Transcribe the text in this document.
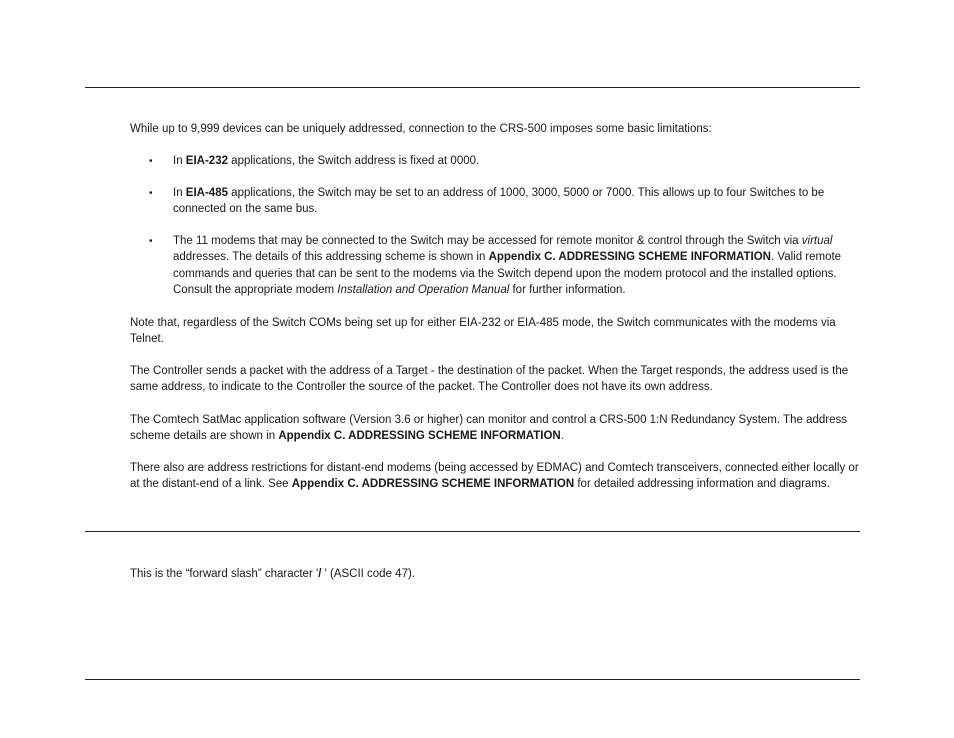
While up to 9,999 devices can be uniquely addressed, connection to the CRS-500 imposes some basic limitations:

• In EIA-232 applications, the Switch address is fixed at 0000.

• In EIA-485 applications, the Switch may be set to an address of 1000, 3000, 5000 or 7000. This allows up to four Switches to be connected on the same bus.

• The 11 modems that may be connected to the Switch may be accessed for remote monitor & control through the Switch via virtual addresses. The details of this addressing scheme is shown in Appendix C. ADDRESSING SCHEME INFORMATION. Valid remote commands and queries that can be sent to the modems via the Switch depend upon the modem protocol and the installed options. Consult the appropriate modem Installation and Operation Manual for further information.

Note that, regardless of the Switch COMs being set up for either EIA-232 or EIA-485 mode, the Switch communicates with the modems via Telnet.

The Controller sends a packet with the address of a Target - the destination of the packet. When the Target responds, the address used is the same address, to indicate to the Controller the source of the packet. The Controller does not have its own address.

The Comtech SatMac application software (Version 3.6 or higher) can monitor and control a CRS-500 1:N Redundancy System. The address scheme details are shown in Appendix C. ADDRESSING SCHEME INFORMATION.

There also are address restrictions for distant-end modems (being accessed by EDMAC) and Comtech transceivers, connected either locally or at the distant-end of a link. See Appendix C. ADDRESSING SCHEME INFORMATION for detailed addressing information and diagrams.

This is the “forward slash” character '/ ' (ASCII code 47).
